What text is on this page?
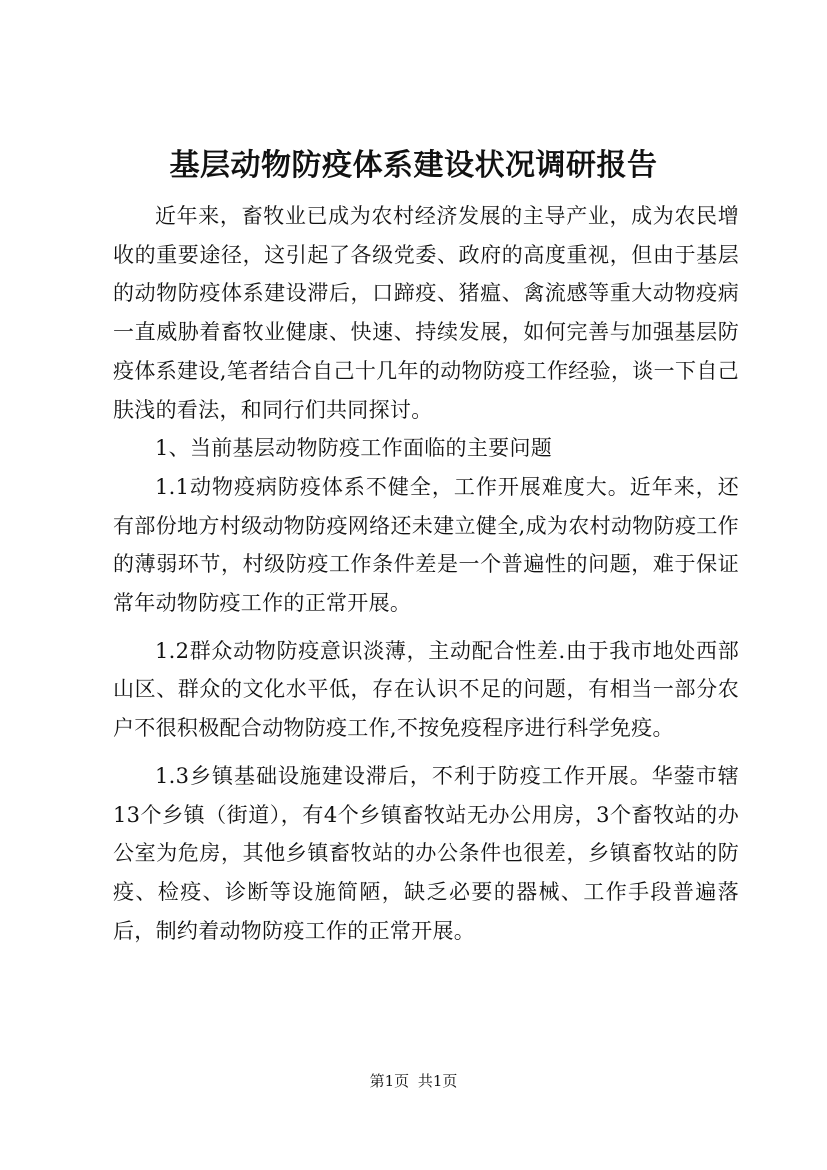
基层动物防疫体系建设状况调研报告

近年来，畜牧业已成为农村经济发展的主导产业，成为农民增收的重要途径，这引起了各级党委、政府的高度重视，但由于基层的动物防疫体系建设滞后，口蹄疫、猪瘟、禽流感等重大动物疫病一直威胁着畜牧业健康、快速、持续发展，如何完善与加强基层防疫体系建设,笔者结合自己十几年的动物防疫工作经验，谈一下自己肤浅的看法，和同行们共同探讨。

1、当前基层动物防疫工作面临的主要问题

1.1动物疫病防疫体系不健全，工作开展难度大。近年来，还有部份地方村级动物防疫网络还未建立健全,成为农村动物防疫工作的薄弱环节，村级防疫工作条件差是一个普遍性的问题，难于保证常年动物防疫工作的正常开展。

1.2群众动物防疫意识淡薄，主动配合性差.由于我市地处西部山区、群众的文化水平低，存在认识不足的问题，有相当一部分农户不很积极配合动物防疫工作,不按免疫程序进行科学免疫。

1.3乡镇基础设施建设滞后，不利于防疫工作开展。华蓥市辖13个乡镇（街道），有4个乡镇畜牧站无办公用房，3个畜牧站的办公室为危房，其他乡镇畜牧站的办公条件也很差，乡镇畜牧站的防疫、检疫、诊断等设施简陋，缺乏必要的器械、工作手段普遍落后，制约着动物防疫工作的正常开展。

第1页 共1页
